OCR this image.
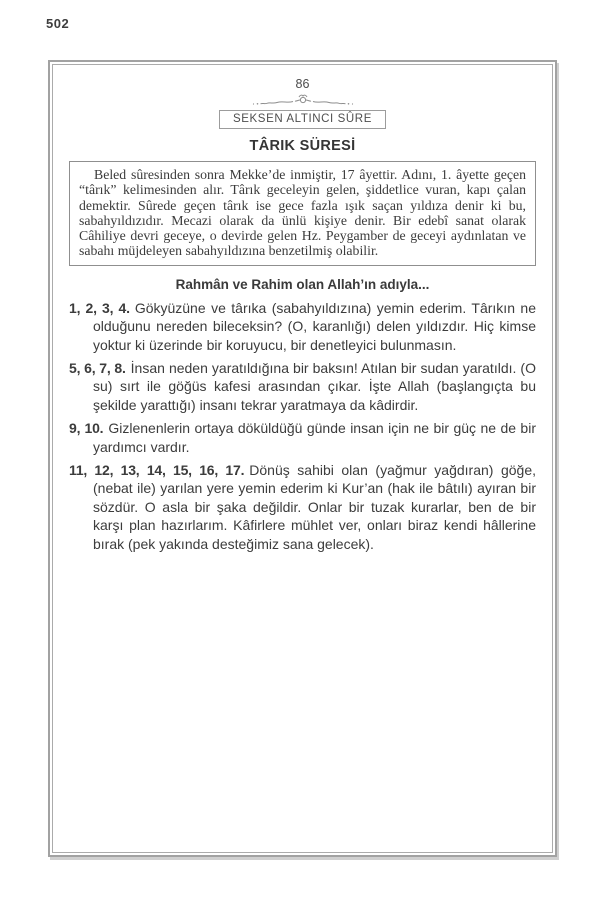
502
86
SEKSEN ALTINCI SÛRE
TÂRIK SÜRESİ
Beled sûresinden sonra Mekke’de inmiştir, 17 âyettir. Adını, 1. âyette geçen “târık” kelimesinden alır. Târık geceleyin gelen, şiddetlice vuran, kapı çalan demektir. Sûrede geçen târık ise gece fazla ışık saçan yıldıza denir ki bu, sabahyıldızıdır. Mecazi olarak da ünlü kişiye denir. Bir edebî sanat olarak Câhiliye devri geceye, o devirde gelen Hz. Peygamber de geceyi aydınlatan ve sabahı müjdeleyen sabahyıldızına benzetilmiş olabilir.
Rahmân ve Rahim olan Allah’ın adıyla...
1, 2, 3, 4. Gökyüzüne ve târıka (sabahyıldızına) yemin ederim. Târıkın ne olduğunu nereden bileceksin? (O, karanlığı) delen yıldızdır. Hiç kimse yoktur ki üzerinde bir koruyucu, bir denetleyici bulunmasın.
5, 6, 7, 8. İnsan neden yaratıldığına bir baksın! Atılan bir sudan yaratıldı. (O su) sırt ile göğüs kafesi arasından çıkar. İşte Allah (başlangıçta bu şekilde yarattığı) insanı tekrar yaratmaya da kâdirdir.
9, 10. Gizlenenlerin ortaya döküldüğü günde insan için ne bir güç ne de bir yardımcı vardır.
11, 12, 13, 14, 15, 16, 17. Dönüş sahibi olan (yağmur yağdıran) göğe, (nebat ile) yarılan yere yemin ederim ki Kur’an (hak ile bâtılı) ayıran bir sözdür. O asla bir şaka değildir. Onlar bir tuzak kurarlar, ben de bir karşı plan hazırlarım. Kâfirlere mühlet ver, onları biraz kendi hâllerine bırak (pek yakında desteğimiz sana gelecek).
